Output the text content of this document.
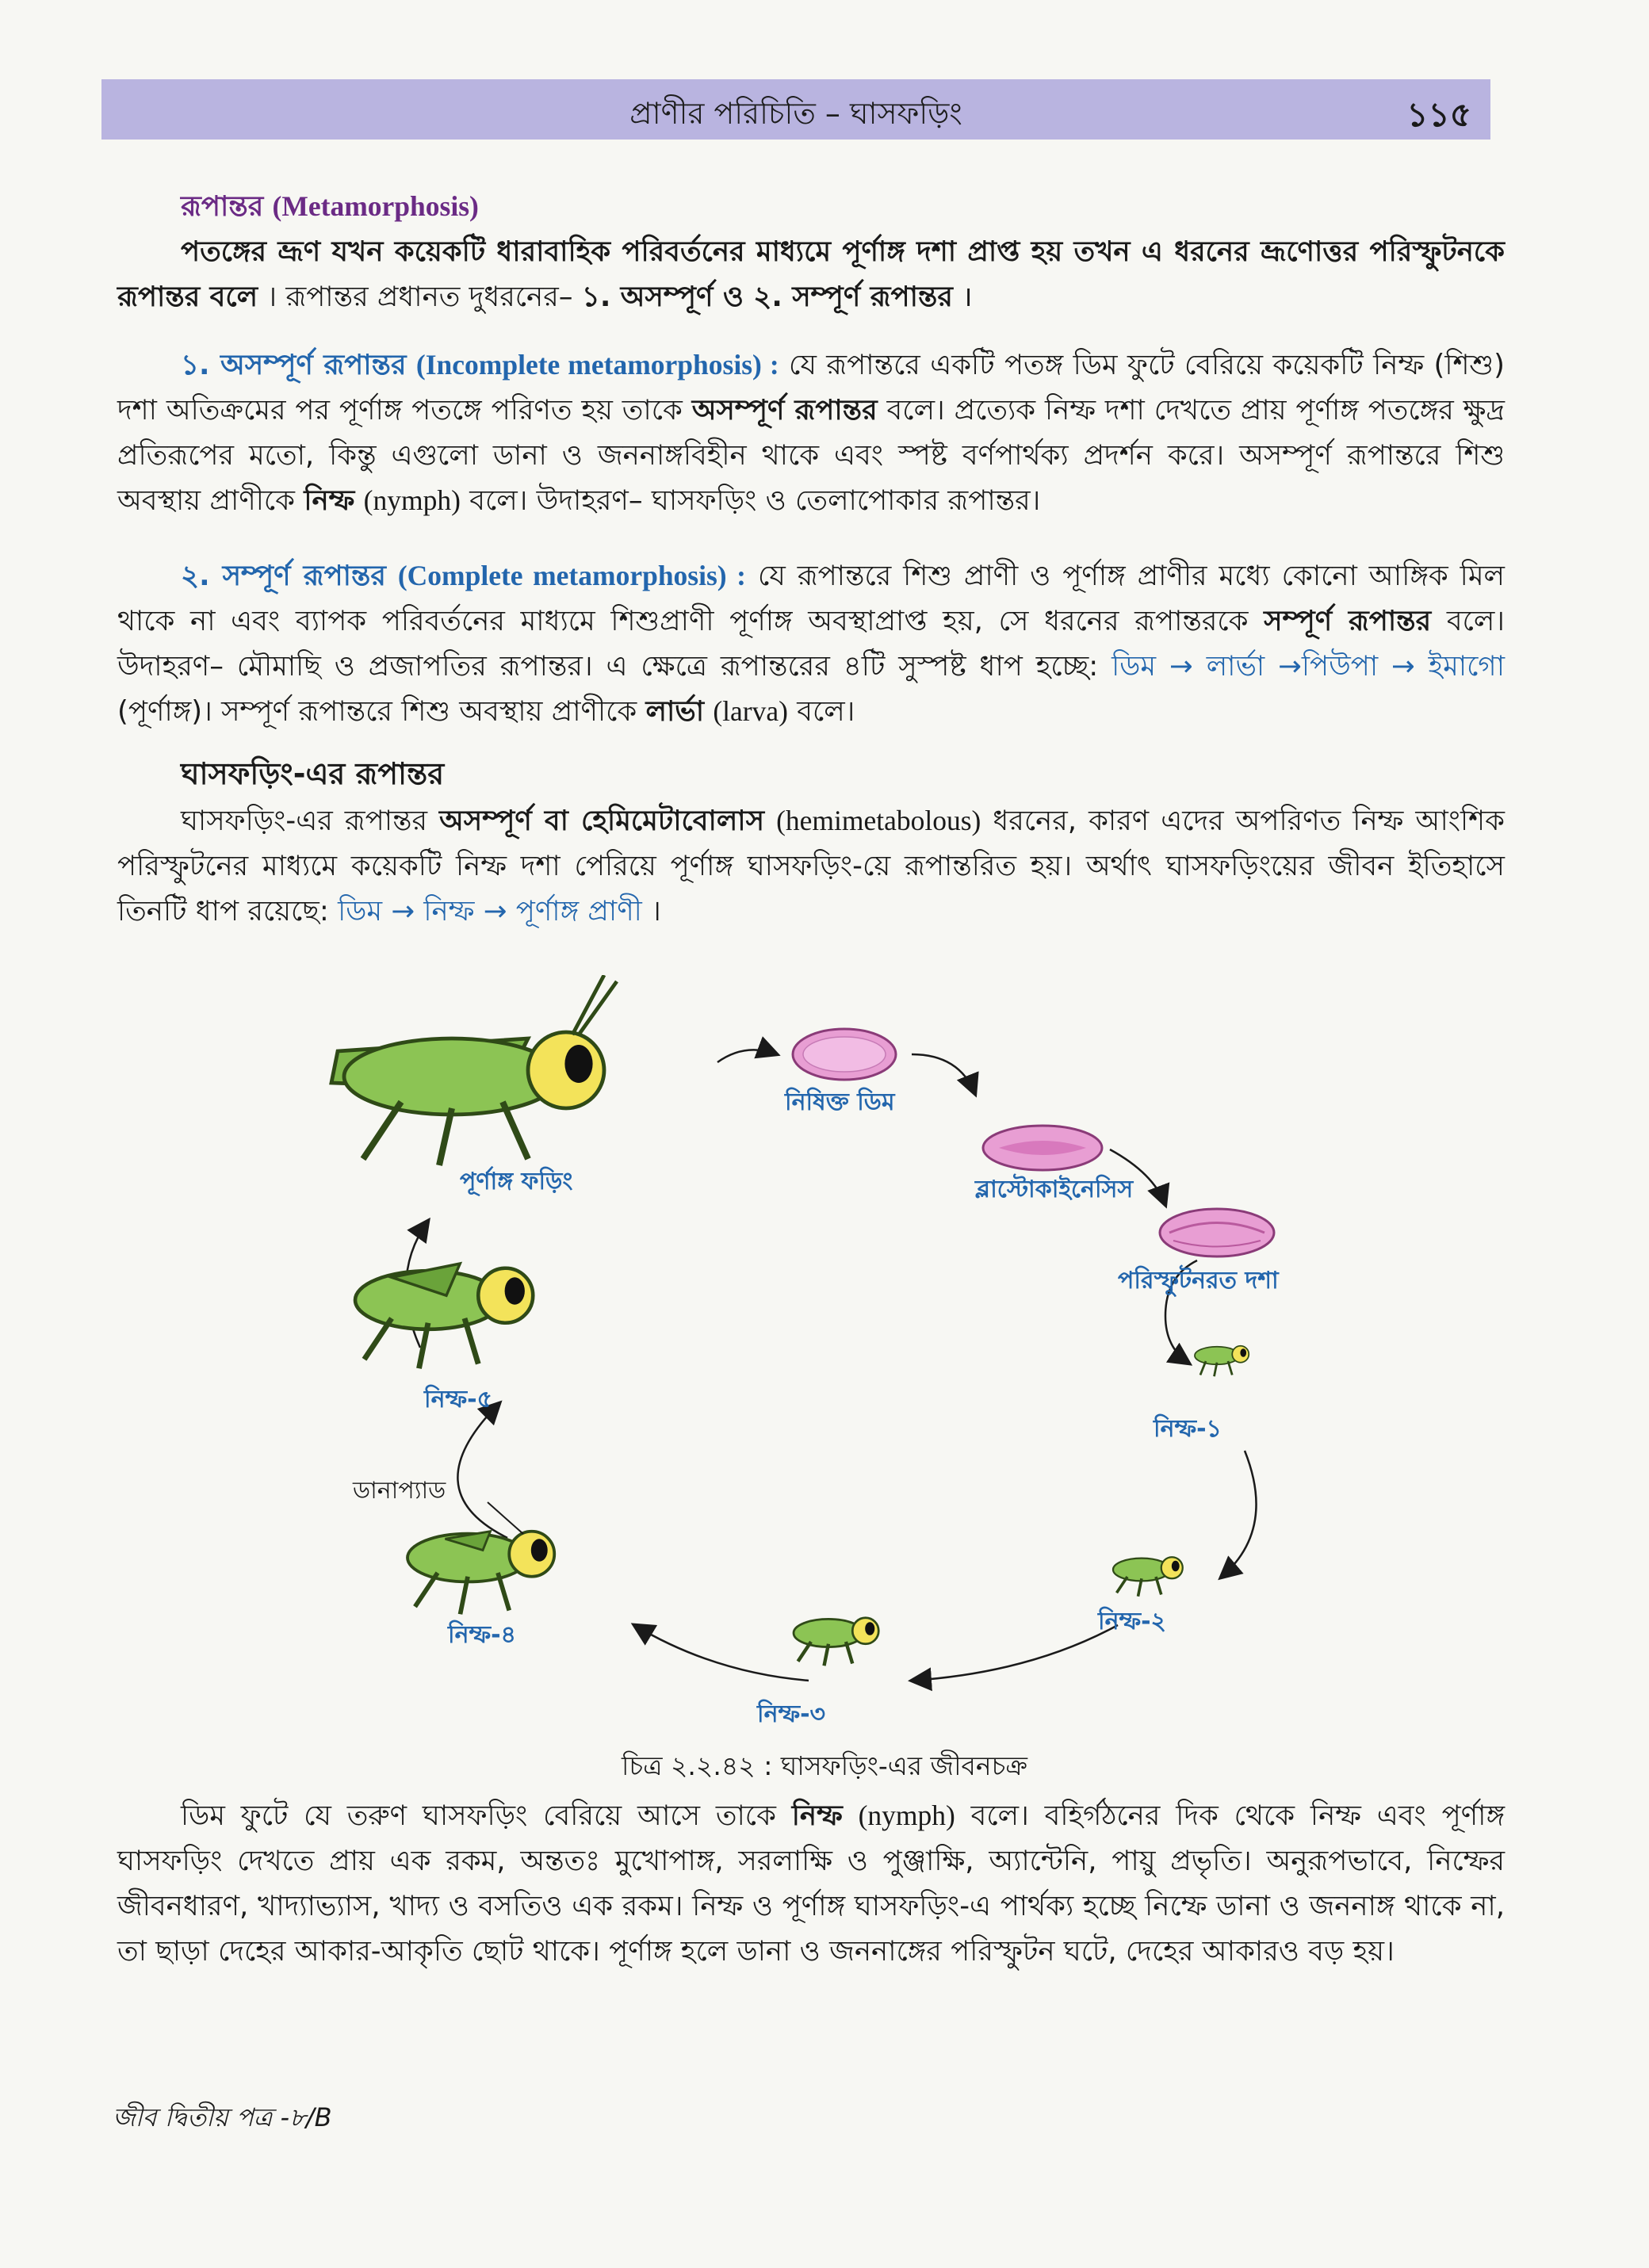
প্রাণীর পরিচিতি – ঘাসফড়িং	১১৫

রূপান্তর (Metamorphosis)

পতঙ্গের ভ্রূণ যখন কয়েকটি ধারাবাহিক পরিবর্তনের মাধ্যমে পূর্ণাঙ্গ দশা প্রাপ্ত হয় তখন এ ধরনের ভ্রূণোত্তর পরিস্ফুটনকে রূপান্তর বলে । রূপান্তর প্রধানত দুধরনের– ১. অসম্পূর্ণ ও ২. সম্পূর্ণ রূপান্তর ।

১. অসম্পূর্ণ রূপান্তর (Incomplete metamorphosis) : যে রূপান্তরে একটি পতঙ্গ ডিম ফুটে বেরিয়ে কয়েকটি নিম্ফ (শিশু) দশা অতিক্রমের পর পূর্ণাঙ্গ পতঙ্গে পরিণত হয় তাকে অসম্পূর্ণ রূপান্তর বলে। প্রত্যেক নিম্ফ দশা দেখতে প্রায় পূর্ণাঙ্গ পতঙ্গের ক্ষুদ্র প্রতিরূপের মতো, কিন্তু এগুলো ডানা ও জননাঙ্গবিহীন থাকে এবং স্পষ্ট বর্ণপার্থক্য প্রদর্শন করে। অসম্পূর্ণ রূপান্তরে শিশু অবস্থায় প্রাণীকে নিম্ফ (nymph) বলে। উদাহরণ– ঘাসফড়িং ও তেলাপোকার রূপান্তর।

২. সম্পূর্ণ রূপান্তর (Complete metamorphosis) : যে রূপান্তরে শিশু প্রাণী ও পূর্ণাঙ্গ প্রাণীর মধ্যে কোনো আঙ্গিক মিল থাকে না এবং ব্যাপক পরিবর্তনের মাধ্যমে শিশুপ্রাণী পূর্ণাঙ্গ অবস্থাপ্রাপ্ত হয়, সে ধরনের রূপান্তরকে সম্পূর্ণ রূপান্তর বলে। উদাহরণ– মৌমাছি ও প্রজাপতির রূপান্তর। এ ক্ষেত্রে রূপান্তরের ৪টি সুস্পষ্ট ধাপ হচ্ছে: ডিম → লার্ভা →পিউপা → ইমাগো (পূর্ণাঙ্গ)। সম্পূর্ণ রূপান্তরে শিশু অবস্থায় প্রাণীকে লার্ভা (larva) বলে।

ঘাসফড়িং-এর রূপান্তর

ঘাসফড়িং-এর রূপান্তর অসম্পূর্ণ বা হেমিমেটাবোলাস (hemimetabolous) ধরনের, কারণ এদের অপরিণত নিম্ফ আংশিক পরিস্ফুটনের মাধ্যমে কয়েকটি নিম্ফ দশা পেরিয়ে পূর্ণাঙ্গ ঘাসফড়িং-য়ে রূপান্তরিত হয়। অর্থাৎ ঘাসফড়িংয়ের জীবন ইতিহাসে তিনটি ধাপ রয়েছে: ডিম → নিম্ফ → পূর্ণাঙ্গ প্রাণী ।

নিষিক্ত ডিম
ব্লাস্টোকাইনেসিস
পরিস্ফুটনরত দশা
নিম্ফ-১
নিম্ফ-২
নিম্ফ-৩
নিম্ফ-৪
ডানাপ্যাড
নিম্ফ-৫
পূর্ণাঙ্গ ফড়িং
চিত্র ২.২.৪২ : ঘাসফড়িং-এর জীবনচক্র

ডিম ফুটে যে তরুণ ঘাসফড়িং বেরিয়ে আসে তাকে নিম্ফ (nymph) বলে। বহির্গঠনের দিক থেকে নিম্ফ এবং পূর্ণাঙ্গ ঘাসফড়িং দেখতে প্রায় এক রকম, অন্ততঃ মুখোপাঙ্গ, সরলাক্ষি ও পুঞ্জাক্ষি, অ্যান্টেনি, পায়ু প্রভৃতি। অনুরূপভাবে, নিম্ফের জীবনধারণ, খাদ্যাভ্যাস, খাদ্য ও বসতিও এক রকম। নিম্ফ ও পূর্ণাঙ্গ ঘাসফড়িং-এ পার্থক্য হচ্ছে নিম্ফে ডানা ও জননাঙ্গ থাকে না, তা ছাড়া দেহের আকার-আকৃতি ছোট থাকে। পূর্ণাঙ্গ হলে ডানা ও জননাঙ্গের পরিস্ফুটন ঘটে, দেহের আকারও বড় হয়।

জীব দ্বিতীয় পত্র -৮/B
